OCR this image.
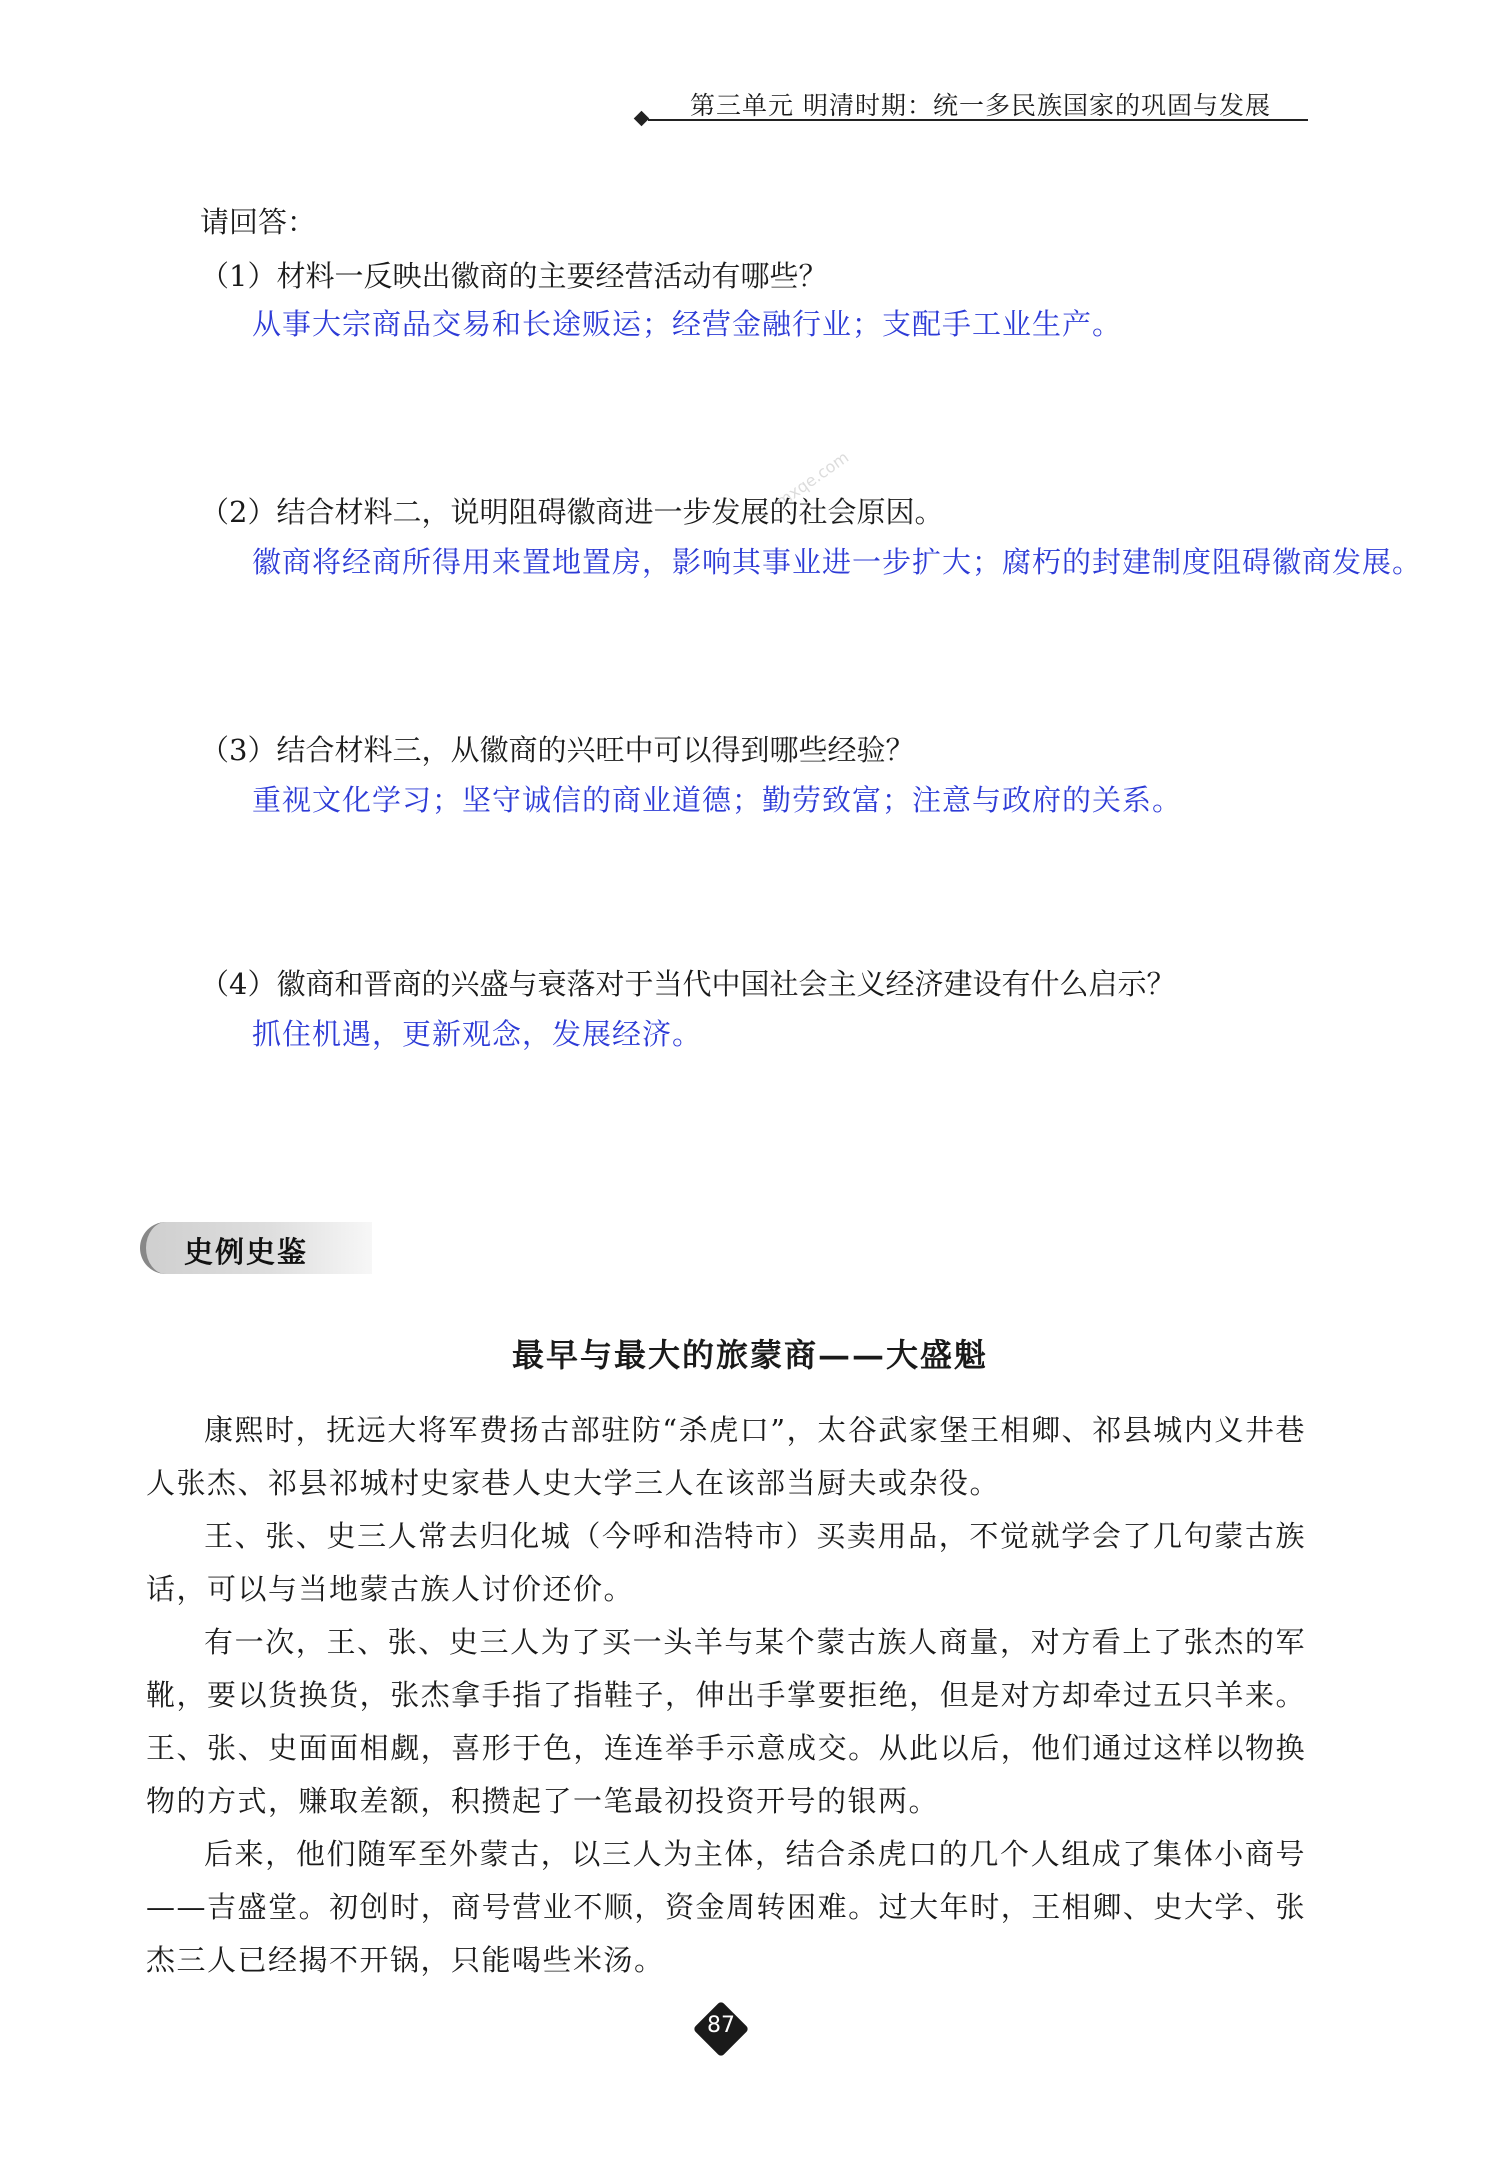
第三单元 明清时期：统一多民族国家的巩固与发展
请回答：
（1）材料一反映出徽商的主要经营活动有哪些？
从事大宗商品交易和长途贩运；经营金融行业；支配手工业生产。
mxqe.com
（2）结合材料二，说明阻碍徽商进一步发展的社会原因。
徽商将经商所得用来置地置房，影响其事业进一步扩大；腐朽的封建制度阻碍徽商发展。
（3）结合材料三，从徽商的兴旺中可以得到哪些经验？
重视文化学习；坚守诚信的商业道德；勤劳致富；注意与政府的关系。
（4）徽商和晋商的兴盛与衰落对于当代中国社会主义经济建设有什么启示？
抓住机遇，更新观念，发展经济。
史例史鉴
最早与最大的旅蒙商——大盛魁

康熙时，抚远大将军费扬古部驻防“杀虎口”，太谷武家堡王相卿、祁县城内义井巷人张杰、祁县祁城村史家巷人史大学三人在该部当厨夫或杂役。

王、张、史三人常去归化城（今呼和浩特市）买卖用品，不觉就学会了几句蒙古族话，可以与当地蒙古族人讨价还价。

有一次，王、张、史三人为了买一头羊与某个蒙古族人商量，对方看上了张杰的军靴，要以货换货，张杰拿手指了指鞋子，伸出手掌要拒绝，但是对方却牵过五只羊来。王、张、史面面相觑，喜形于色，连连举手示意成交。从此以后，他们通过这样以物换物的方式，赚取差额，积攒起了一笔最初投资开号的银两。

后来，他们随军至外蒙古，以三人为主体，结合杀虎口的几个人组成了集体小商号——吉盛堂。初创时，商号营业不顺，资金周转困难。过大年时，王相卿、史大学、张杰三人已经揭不开锅，只能喝些米汤。

87
